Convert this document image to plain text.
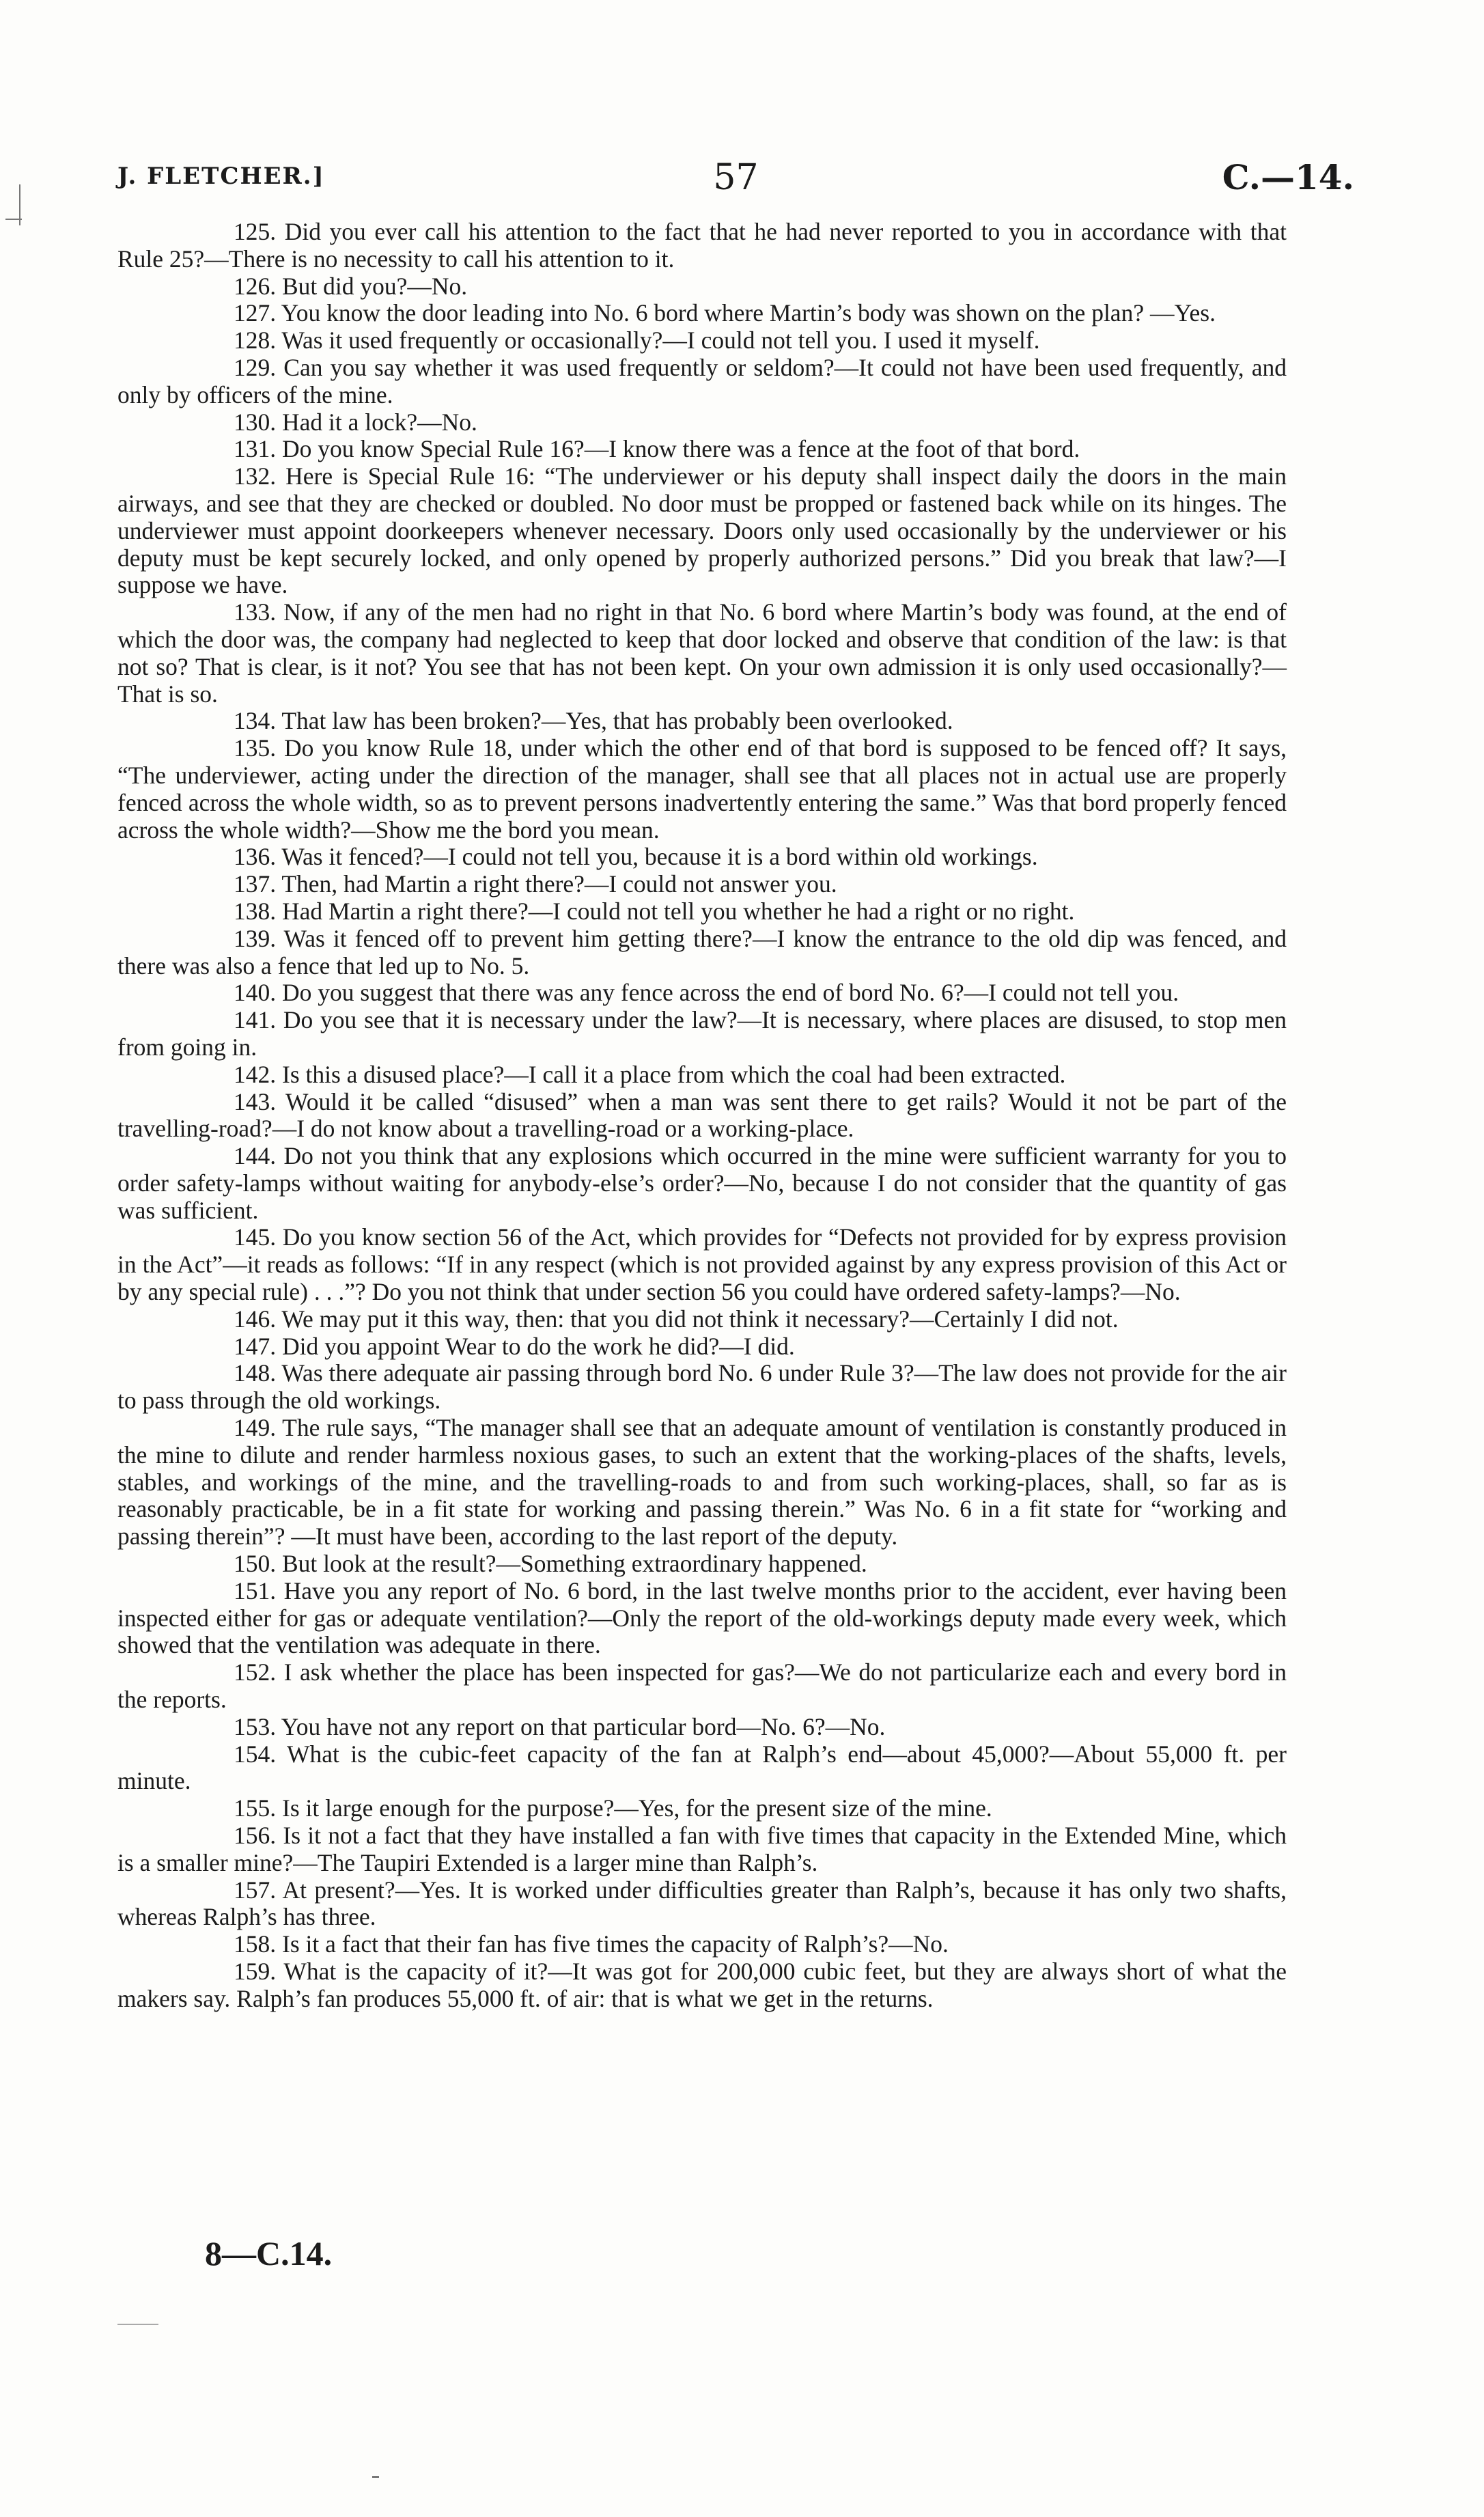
J. FLETCHER.]	57	C.—14.

125. Did you ever call his attention to the fact that he had never reported to you in accordance with that Rule 25?—There is no necessity to call his attention to it.

126. But did you?—No.

127. You know the door leading into No. 6 bord where Martin’s body was shown on the plan? —Yes.

128. Was it used frequently or occasionally?—I could not tell you. I used it myself.

129. Can you say whether it was used frequently or seldom?—It could not have been used frequently, and only by officers of the mine.

130. Had it a lock?—No.

131. Do you know Special Rule 16?—I know there was a fence at the foot of that bord.

132. Here is Special Rule 16: “The underviewer or his deputy shall inspect daily the doors in the main airways, and see that they are checked or doubled. No door must be propped or fastened back while on its hinges. The underviewer must appoint doorkeepers whenever necessary. Doors only used occasionally by the underviewer or his deputy must be kept securely locked, and only opened by properly authorized persons.” Did you break that law?—I suppose we have.

133. Now, if any of the men had no right in that No. 6 bord where Martin’s body was found, at the end of which the door was, the company had neglected to keep that door locked and observe that condition of the law: is that not so? That is clear, is it not? You see that has not been kept. On your own admission it is only used occasionally?—That is so.

134. That law has been broken?—Yes, that has probably been overlooked.

135. Do you know Rule 18, under which the other end of that bord is supposed to be fenced off? It says, “The underviewer, acting under the direction of the manager, shall see that all places not in actual use are properly fenced across the whole width, so as to prevent persons inadvertently entering the same.” Was that bord properly fenced across the whole width?—Show me the bord you mean.

136. Was it fenced?—I could not tell you, because it is a bord within old workings.

137. Then, had Martin a right there?—I could not answer you.

138. Had Martin a right there?—I could not tell you whether he had a right or no right.

139. Was it fenced off to prevent him getting there?—I know the entrance to the old dip was fenced, and there was also a fence that led up to No. 5.

140. Do you suggest that there was any fence across the end of bord No. 6?—I could not tell you.

141. Do you see that it is necessary under the law?—It is necessary, where places are disused, to stop men from going in.

142. Is this a disused place?—I call it a place from which the coal had been extracted.

143. Would it be called “disused” when a man was sent there to get rails? Would it not be part of the travelling-road?—I do not know about a travelling-road or a working-place.

144. Do not you think that any explosions which occurred in the mine were sufficient warranty for you to order safety-lamps without waiting for anybody-else’s order?—No, because I do not consider that the quantity of gas was sufficient.

145. Do you know section 56 of the Act, which provides for “Defects not provided for by express provision in the Act”—it reads as follows: “If in any respect (which is not provided against by any express provision of this Act or by any special rule) . . .”? Do you not think that under section 56 you could have ordered safety-lamps?—No.

146. We may put it this way, then: that you did not think it necessary?—Certainly I did not.

147. Did you appoint Wear to do the work he did?—I did.

148. Was there adequate air passing through bord No. 6 under Rule 3?—The law does not provide for the air to pass through the old workings.

149. The rule says, “The manager shall see that an adequate amount of ventilation is constantly produced in the mine to dilute and render harmless noxious gases, to such an extent that the working-places of the shafts, levels, stables, and workings of the mine, and the travelling-roads to and from such working-places, shall, so far as is reasonably practicable, be in a fit state for working and passing therein.” Was No. 6 in a fit state for “working and passing therein”? —It must have been, according to the last report of the deputy.

150. But look at the result?—Something extraordinary happened.

151. Have you any report of No. 6 bord, in the last twelve months prior to the accident, ever having been inspected either for gas or adequate ventilation?—Only the report of the old-workings deputy made every week, which showed that the ventilation was adequate in there.

152. I ask whether the place has been inspected for gas?—We do not particularize each and every bord in the reports.

153. You have not any report on that particular bord—No. 6?—No.

154. What is the cubic-feet capacity of the fan at Ralph’s end—about 45,000?—About 55,000 ft. per minute.

155. Is it large enough for the purpose?—Yes, for the present size of the mine.

156. Is it not a fact that they have installed a fan with five times that capacity in the Extended Mine, which is a smaller mine?—The Taupiri Extended is a larger mine than Ralph’s.

157. At present?—Yes. It is worked under difficulties greater than Ralph’s, because it has only two shafts, whereas Ralph’s has three.

158. Is it a fact that their fan has five times the capacity of Ralph’s?—No.

159. What is the capacity of it?—It was got for 200,000 cubic feet, but they are always short of what the makers say. Ralph’s fan produces 55,000 ft. of air: that is what we get in the returns.

8—C.14.
